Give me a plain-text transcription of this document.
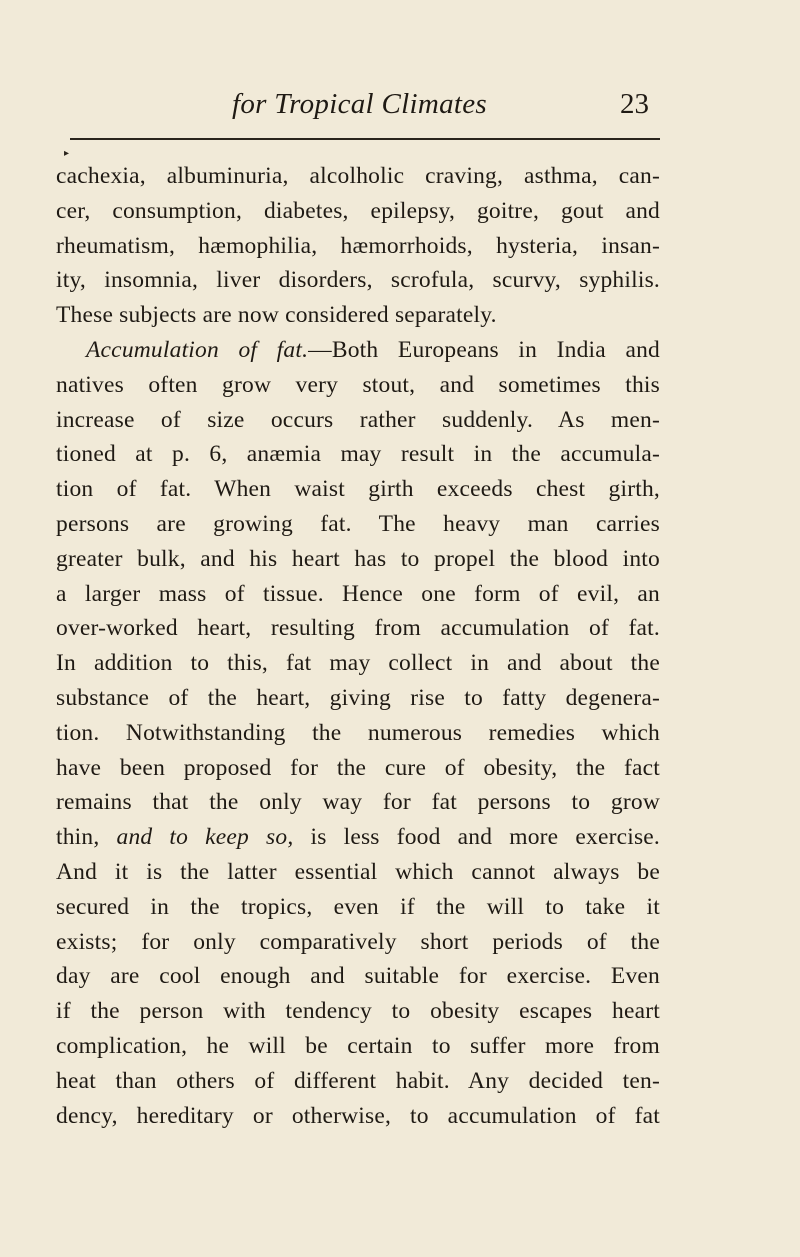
for Tropical Climates	23
▸
cachexia, albuminuria, alcolholic craving, asthma, can-
cer, consumption, diabetes, epilepsy, goitre, gout and
rheumatism, hæmophilia, hæmorrhoids, hysteria, insan-
ity, insomnia, liver disorders, scrofula, scurvy, syphilis.
These subjects are now considered separately.
Accumulation of fat.—Both Europeans in India and
natives often grow very stout, and sometimes this
increase of size occurs rather suddenly. As men-
tioned at p. 6, anæmia may result in the accumula-
tion of fat. When waist girth exceeds chest girth,
persons are growing fat. The heavy man carries
greater bulk, and his heart has to propel the blood into
a larger mass of tissue. Hence one form of evil, an
over-worked heart, resulting from accumulation of fat.
In addition to this, fat may collect in and about the
substance of the heart, giving rise to fatty degenera-
tion. Notwithstanding the numerous remedies which
have been proposed for the cure of obesity, the fact
remains that the only way for fat persons to grow
thin, and to keep so, is less food and more exercise.
And it is the latter essential which cannot always be
secured in the tropics, even if the will to take it
exists; for only comparatively short periods of the
day are cool enough and suitable for exercise. Even
if the person with tendency to obesity escapes heart
complication, he will be certain to suffer more from
heat than others of different habit. Any decided ten-
dency, hereditary or otherwise, to accumulation of fat
